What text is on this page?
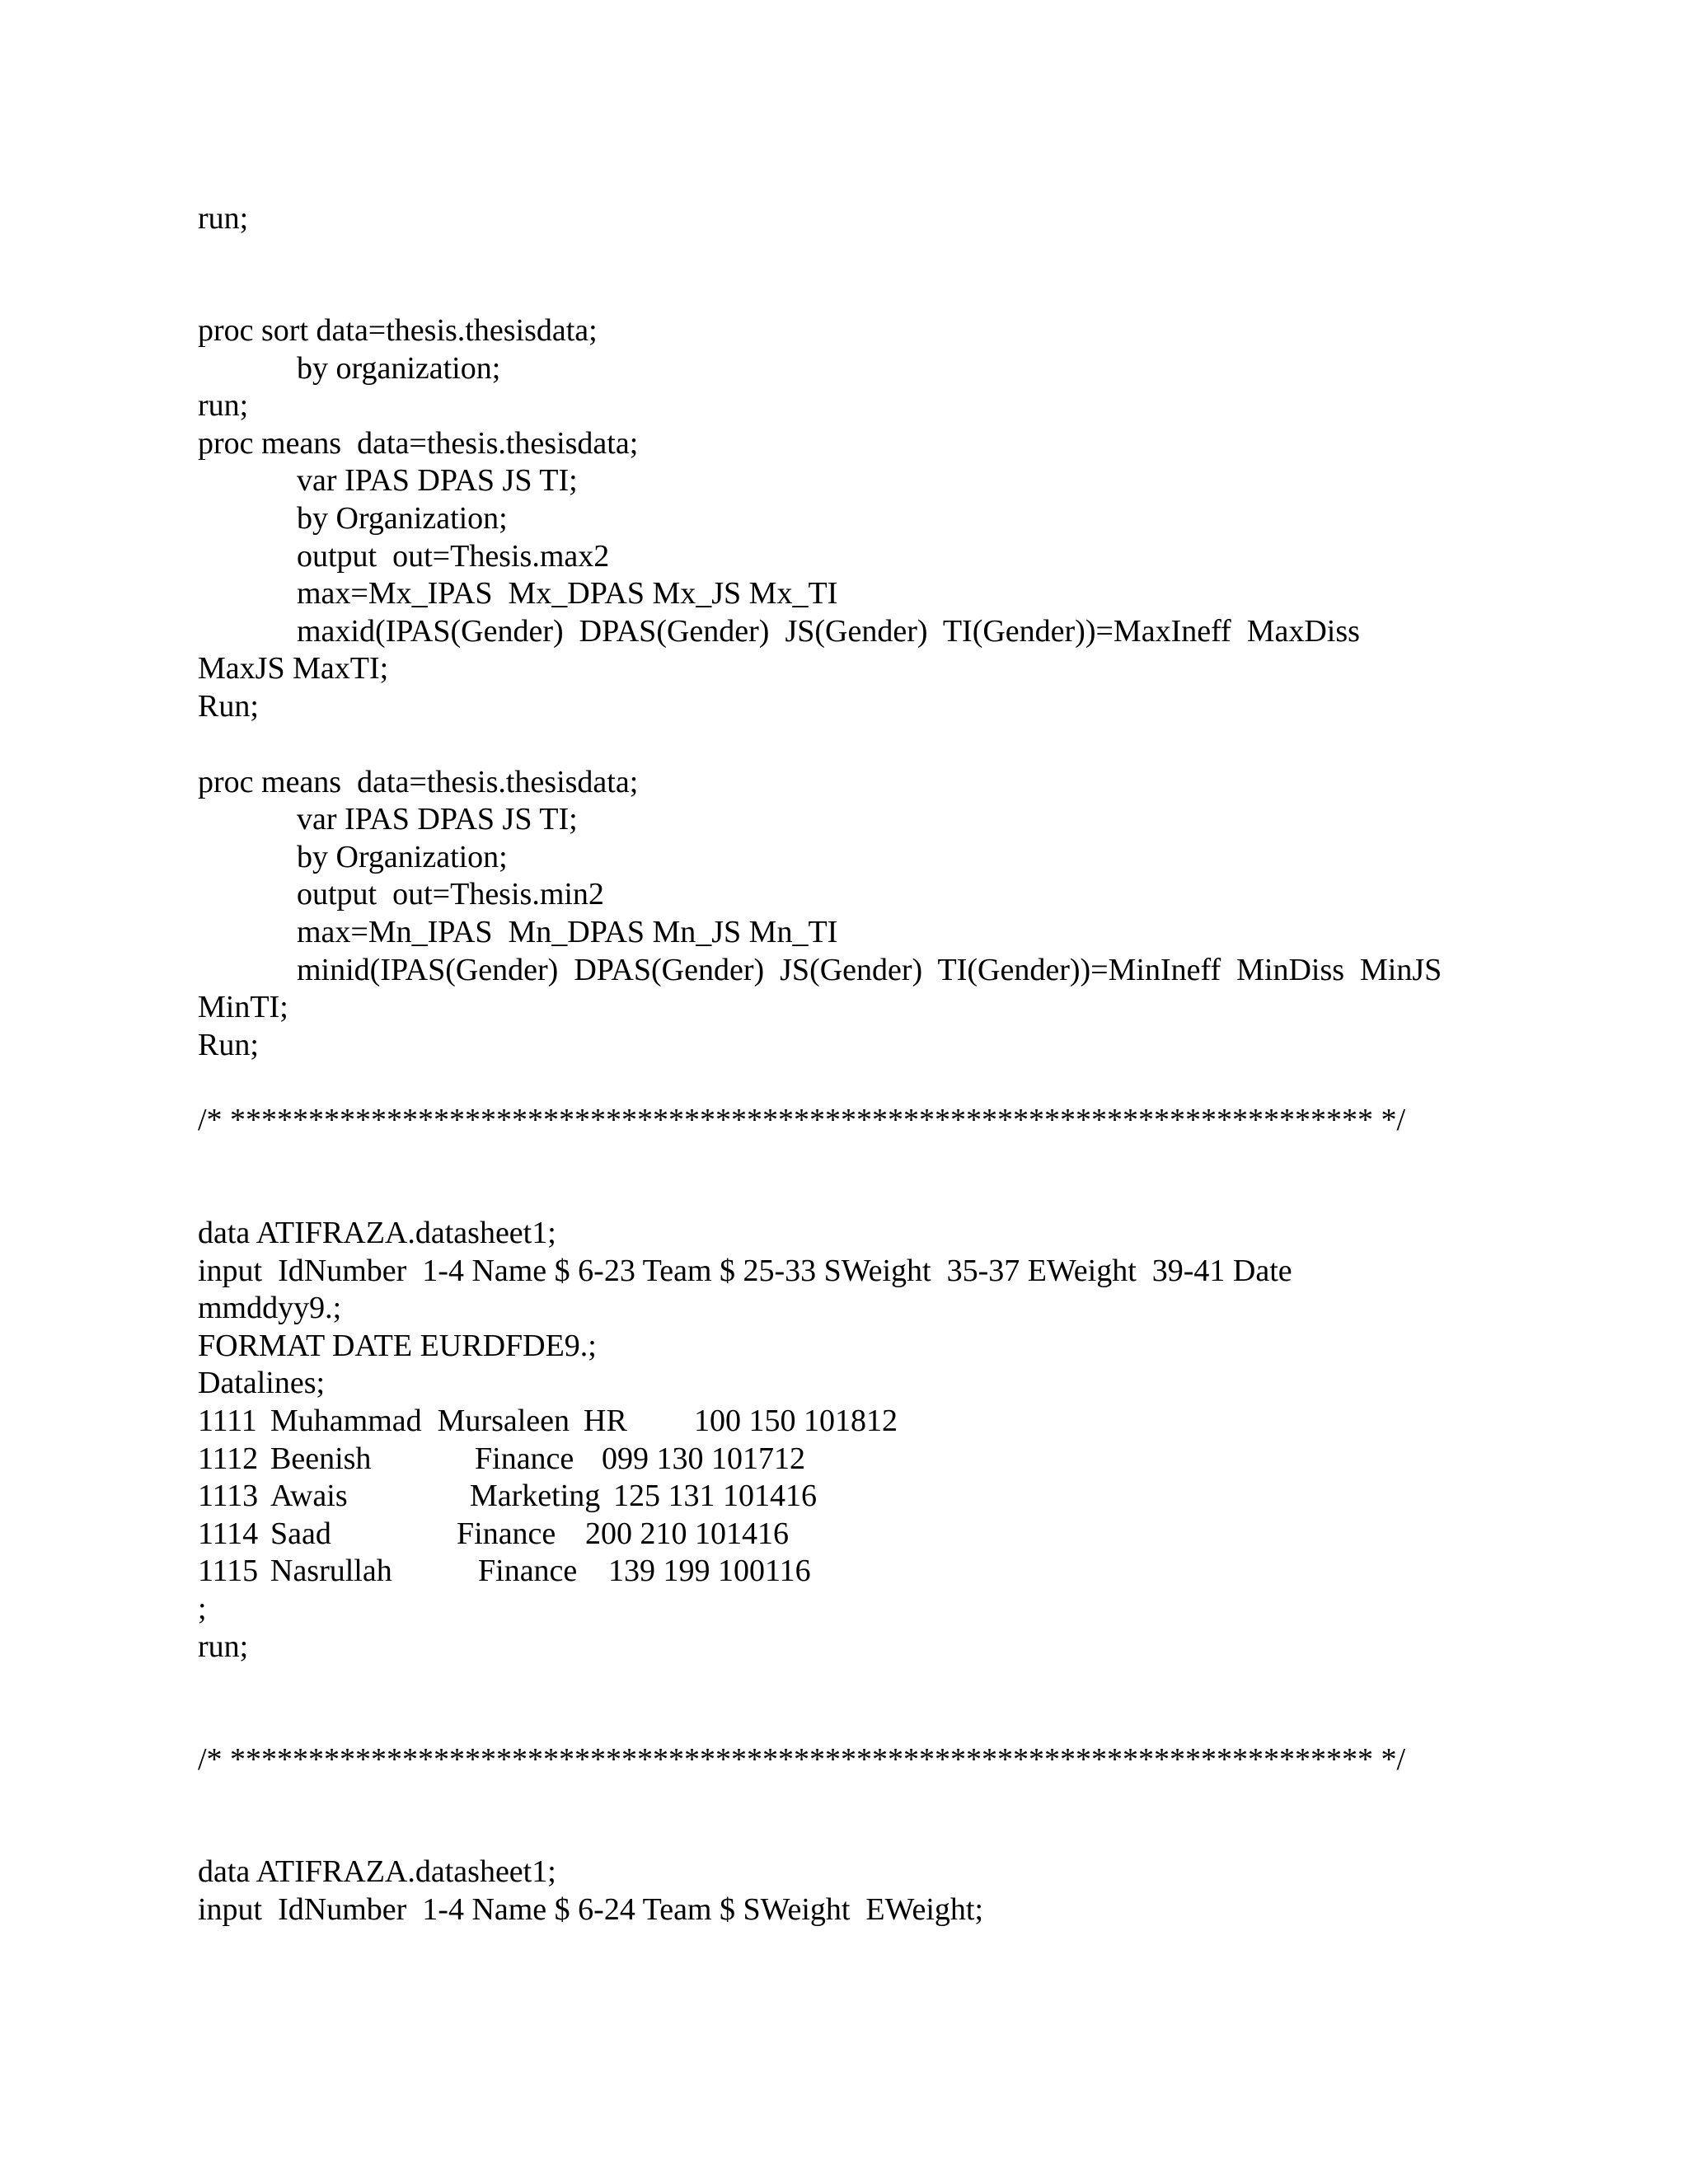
run;
proc sort data=thesis.thesisdata;
by organization;
run;
proc means  data=thesis.thesisdata;
var IPAS DPAS JS TI;
by Organization;
output  out=Thesis.max2
max=Mx_IPAS  Mx_DPAS Mx_JS Mx_TI
maxid(IPAS(Gender)  DPAS(Gender)  JS(Gender)  TI(Gender))=MaxIneff  MaxDiss
MaxJS MaxTI;
Run;
proc means  data=thesis.thesisdata;
var IPAS DPAS JS TI;
by Organization;
output  out=Thesis.min2
max=Mn_IPAS  Mn_DPAS Mn_JS Mn_TI
minid(IPAS(Gender)  DPAS(Gender)  JS(Gender)  TI(Gender))=MinIneff  MinDiss  MinJS
MinTI;
Run;
/* ************************************************************************* */
data ATIFRAZA.datasheet1;
input  IdNumber  1-4 Name $ 6-23 Team $ 25-33 SWeight  35-37 EWeight  39-41 Date
mmddyy9.;
FORMAT DATE EURDFDE9.;
Datalines;
1111 Muhammad  Mursaleen HR 100 150 101812
1112 Beenish	Finance 099 130 101712
1113 Awais	Marketing 125 131 101416
1114 Saad	Finance 200 210 101416
1115 Nasrullah	Finance 139 199 100116
;
run;
/* ************************************************************************* */
data ATIFRAZA.datasheet1;
input  IdNumber  1-4 Name $ 6-24 Team $ SWeight  EWeight;
